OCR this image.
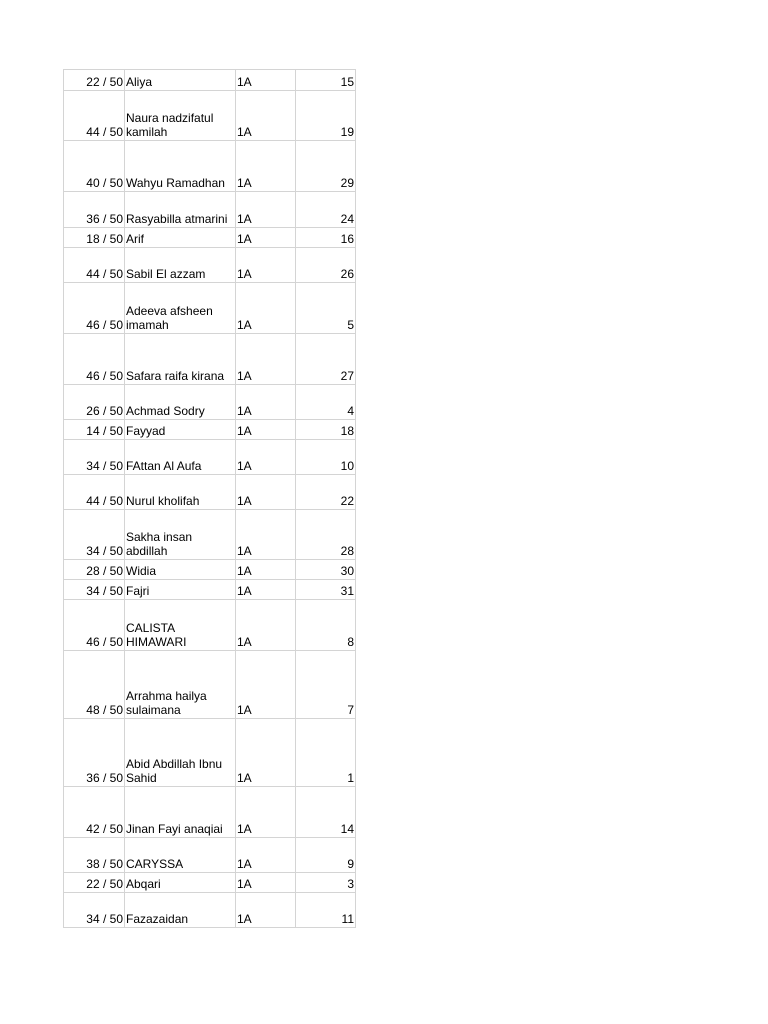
22 / 50	Aliya	1A	15
44 / 50	Naura nadzifatul kamilah	1A	19
40 / 50	Wahyu Ramadhan	1A	29
36 / 50	Rasyabilla atmarini	1A	24
18 / 50	Arif	1A	16
44 / 50	Sabil El azzam	1A	26
46 / 50	Adeeva afsheen imamah	1A	5
46 / 50	Safara raifa kirana	1A	27
26 / 50	Achmad Sodry	1A	4
14 / 50	Fayyad	1A	18
34 / 50	FAttan Al Aufa	1A	10
44 / 50	Nurul kholifah	1A	22
34 / 50	Sakha insan abdillah	1A	28
28 / 50	Widia	1A	30
34 / 50	Fajri	1A	31
46 / 50	CALISTA HIMAWARI	1A	8
48 / 50	Arrahma hailya sulaimana	1A	7
36 / 50	Abid Abdillah Ibnu Sahid	1A	1
42 / 50	Jinan Fayi anaqiai	1A	14
38 / 50	CARYSSA	1A	9
22 / 50	Abqari	1A	3
34 / 50	Fazazaidan	1A	11
